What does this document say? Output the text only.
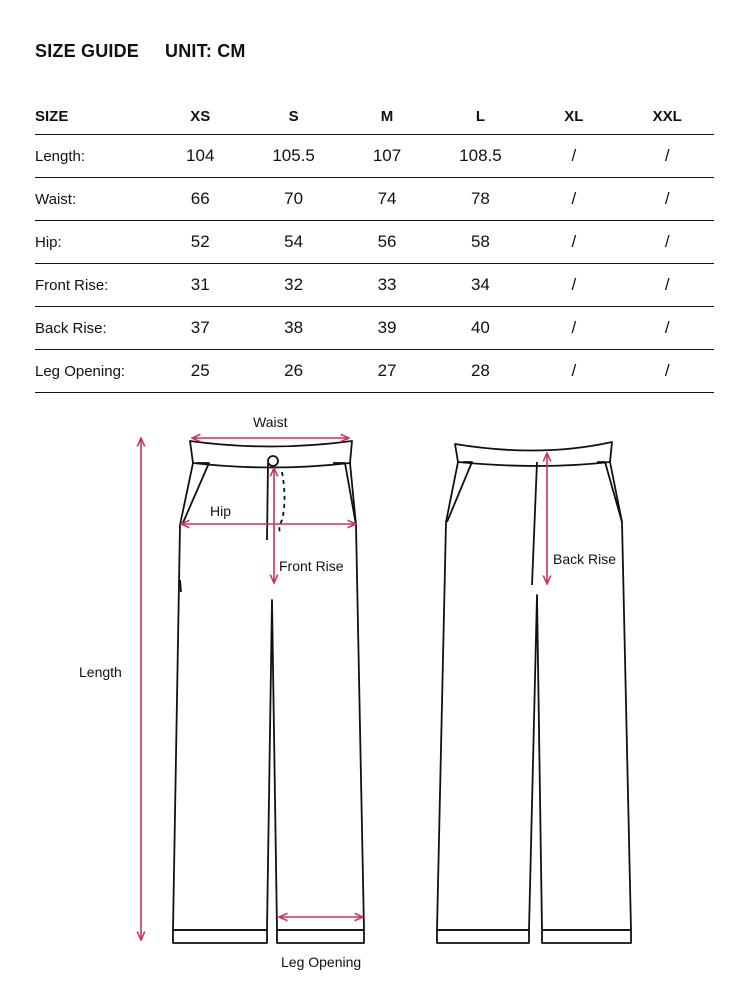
SIZE GUIDE UNIT: CM
SIZE	XS	S	M	L	XL	XXL
Length:	104	105.5	107	108.5	/	/
Waist:	66	70	74	78	/	/
Hip:	52	54	56	58	/	/
Front Rise:	31	32	33	34	/	/
Back Rise:	37	38	39	40	/	/
Leg Opening:	25	26	27	28	/	/
Waist
Hip
Front Rise	Back Rise
Length
Leg Opening
